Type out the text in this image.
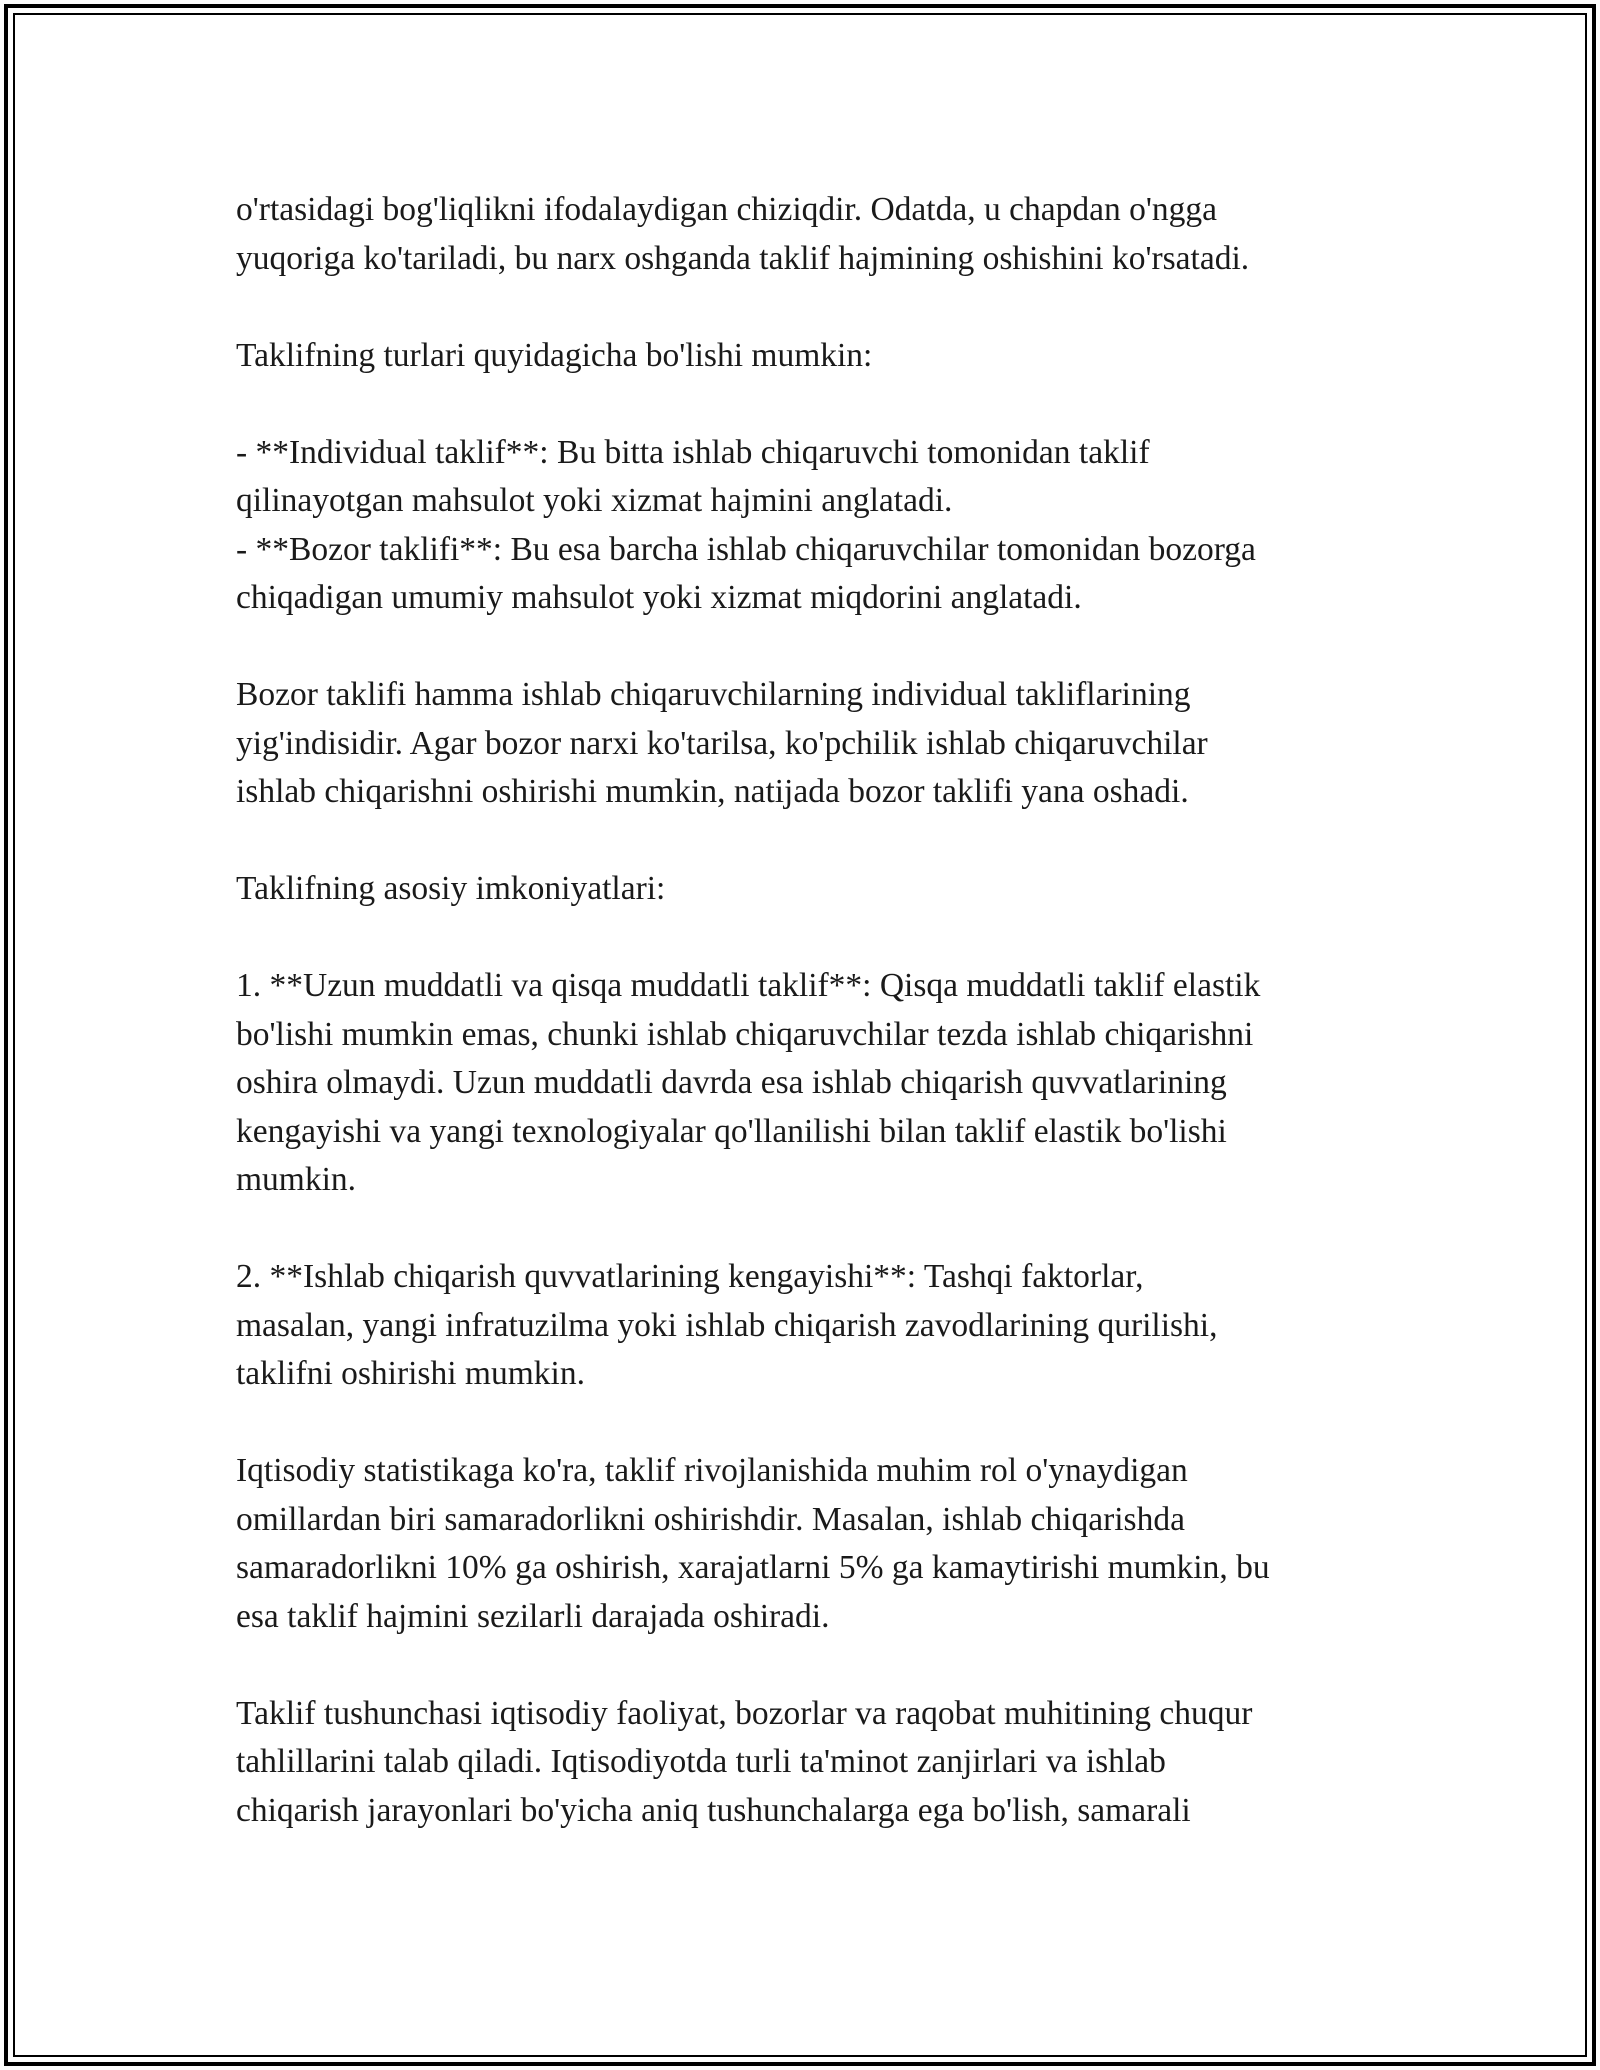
o'rtasidagi bog'liqlikni ifodalaydigan chiziqdir. Odatda, u chapdan o'ngga
yuqoriga ko'tariladi, bu narx oshganda taklif hajmining oshishini ko'rsatadi.

Taklifning turlari quyidagicha bo'lishi mumkin:

- **Individual taklif**: Bu bitta ishlab chiqaruvchi tomonidan taklif
qilinayotgan mahsulot yoki xizmat hajmini anglatadi.
- **Bozor taklifi**: Bu esa barcha ishlab chiqaruvchilar tomonidan bozorga
chiqadigan umumiy mahsulot yoki xizmat miqdorini anglatadi.

Bozor taklifi hamma ishlab chiqaruvchilarning individual takliflarining
yig'indisidir. Agar bozor narxi ko'tarilsa, ko'pchilik ishlab chiqaruvchilar
ishlab chiqarishni oshirishi mumkin, natijada bozor taklifi yana oshadi.

Taklifning asosiy imkoniyatlari:

1. **Uzun muddatli va qisqa muddatli taklif**: Qisqa muddatli taklif elastik
bo'lishi mumkin emas, chunki ishlab chiqaruvchilar tezda ishlab chiqarishni
oshira olmaydi. Uzun muddatli davrda esa ishlab chiqarish quvvatlarining
kengayishi va yangi texnologiyalar qo'llanilishi bilan taklif elastik bo'lishi
mumkin.

2. **Ishlab chiqarish quvvatlarining kengayishi**: Tashqi faktorlar,
masalan, yangi infratuzilma yoki ishlab chiqarish zavodlarining qurilishi,
taklifni oshirishi mumkin.

Iqtisodiy statistikaga ko'ra, taklif rivojlanishida muhim rol o'ynaydigan
omillardan biri samaradorlikni oshirishdir. Masalan, ishlab chiqarishda
samaradorlikni 10% ga oshirish, xarajatlarni 5% ga kamaytirishi mumkin, bu
esa taklif hajmini sezilarli darajada oshiradi.

Taklif tushunchasi iqtisodiy faoliyat, bozorlar va raqobat muhitining chuqur
tahlillarini talab qiladi. Iqtisodiyotda turli ta'minot zanjirlari va ishlab
chiqarish jarayonlari bo'yicha aniq tushunchalarga ega bo'lish, samarali
